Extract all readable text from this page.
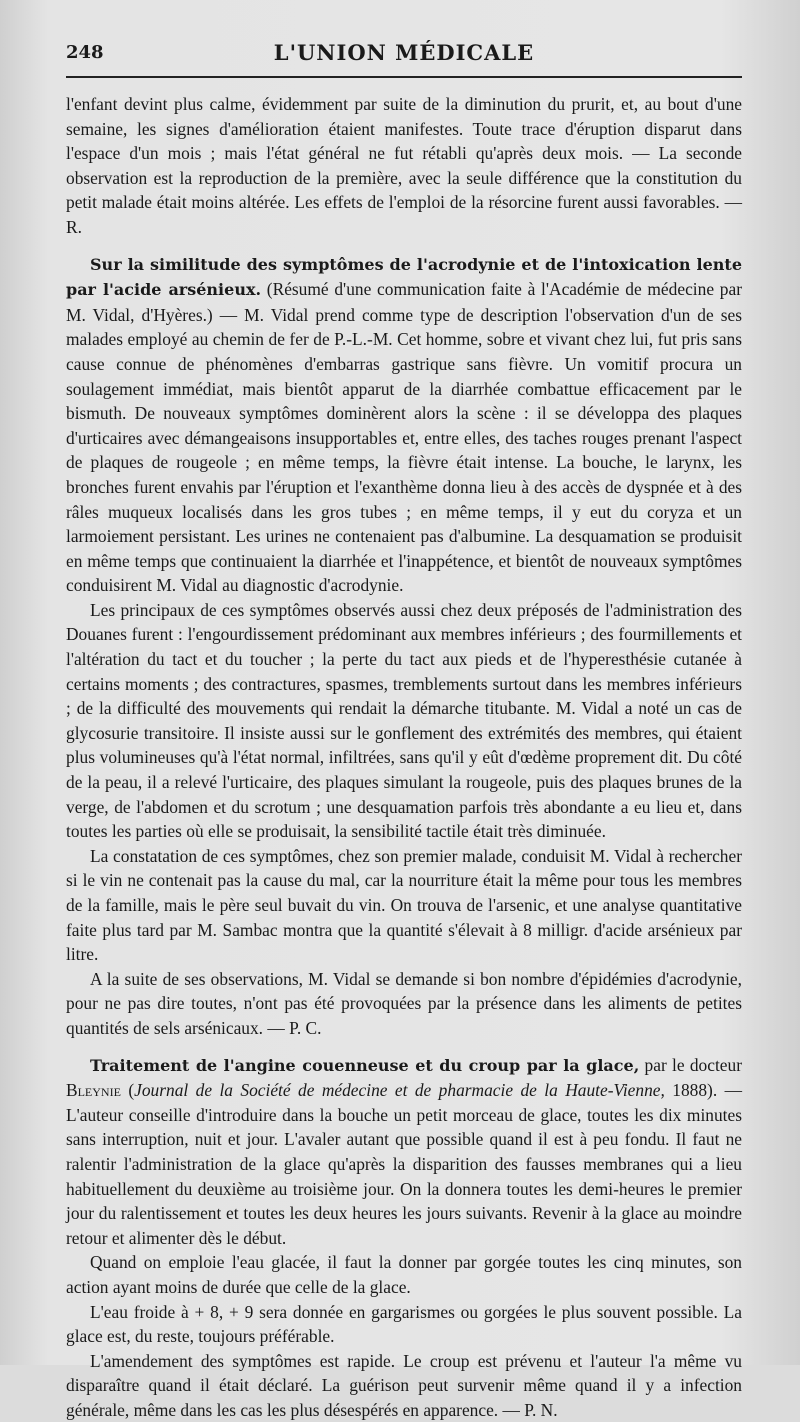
248	L'UNION MÉDICALE

l'enfant devint plus calme, évidemment par suite de la diminution du prurit, et, au bout d'une semaine, les signes d'amélioration étaient manifestes. Toute trace d'éruption disparut dans l'espace d'un mois ; mais l'état général ne fut rétabli qu'après deux mois. — La seconde observation est la reproduction de la première, avec la seule différence que la constitution du petit malade était moins altérée. Les effets de l'emploi de la résorcine furent aussi favorables. — R.

Sur la similitude des symptômes de l'acrodynie et de l'intoxication lente par l'acide arsénieux. (Résumé d'une communication faite à l'Académie de médecine par M. Vidal, d'Hyères.) — M. Vidal prend comme type de description l'observation d'un de ses malades employé au chemin de fer de P.-L.-M. Cet homme, sobre et vivant chez lui, fut pris sans cause connue de phénomènes d'embarras gastrique sans fièvre. Un vomitif procura un soulagement immédiat, mais bientôt apparut de la diarrhée combattue efficacement par le bismuth. De nouveaux symptômes dominèrent alors la scène : il se développa des plaques d'urticaires avec démangeaisons insupportables et, entre elles, des taches rouges prenant l'aspect de plaques de rougeole ; en même temps, la fièvre était intense. La bouche, le larynx, les bronches furent envahis par l'éruption et l'exanthème donna lieu à des accès de dyspnée et à des râles muqueux localisés dans les gros tubes ; en même temps, il y eut du coryza et un larmoiement persistant. Les urines ne contenaient pas d'albumine. La desquamation se produisit en même temps que continuaient la diarrhée et l'inappétence, et bientôt de nouveaux symptômes conduisirent M. Vidal au diagnostic d'acrodynie.

Les principaux de ces symptômes observés aussi chez deux préposés de l'administration des Douanes furent : l'engourdissement prédominant aux membres inférieurs ; des fourmillements et l'altération du tact et du toucher ; la perte du tact aux pieds et de l'hyperesthésie cutanée à certains moments ; des contractures, spasmes, tremblements surtout dans les membres inférieurs ; de la difficulté des mouvements qui rendait la démarche titubante. M. Vidal a noté un cas de glycosurie transitoire. Il insiste aussi sur le gonflement des extrémités des membres, qui étaient plus volumineuses qu'à l'état normal, infiltrées, sans qu'il y eût d'œdème proprement dit. Du côté de la peau, il a relevé l'urticaire, des plaques simulant la rougeole, puis des plaques brunes de la verge, de l'abdomen et du scrotum ; une desquamation parfois très abondante a eu lieu et, dans toutes les parties où elle se produisait, la sensibilité tactile était très diminuée.

La constatation de ces symptômes, chez son premier malade, conduisit M. Vidal à rechercher si le vin ne contenait pas la cause du mal, car la nourriture était la même pour tous les membres de la famille, mais le père seul buvait du vin. On trouva de l'arsenic, et une analyse quantitative faite plus tard par M. Sambac montra que la quantité s'élevait à 8 milligr. d'acide arsénieux par litre.

A la suite de ses observations, M. Vidal se demande si bon nombre d'épidémies d'acrodynie, pour ne pas dire toutes, n'ont pas été provoquées par la présence dans les aliments de petites quantités de sels arsénicaux. — P. C.

Traitement de l'angine couenneuse et du croup par la glace, par le docteur Bleynie (Journal de la Société de médecine et de pharmacie de la Haute-Vienne, 1888). — L'auteur conseille d'introduire dans la bouche un petit morceau de glace, toutes les dix minutes sans interruption, nuit et jour. L'avaler autant que possible quand il est à peu fondu. Il faut ne ralentir l'administration de la glace qu'après la disparition des fausses membranes qui a lieu habituellement du deuxième au troisième jour. On la donnera toutes les demi-heures le premier jour du ralentissement et toutes les deux heures les jours suivants. Revenir à la glace au moindre retour et alimenter dès le début.

Quand on emploie l'eau glacée, il faut la donner par gorgée toutes les cinq minutes, son action ayant moins de durée que celle de la glace.

L'eau froide à + 8, + 9 sera donnée en gargarismes ou gorgées le plus souvent possible. La glace est, du reste, toujours préférable.

L'amendement des symptômes est rapide. Le croup est prévenu et l'auteur l'a même vu disparaître quand il était déclaré. La guérison peut survenir même quand il y a infection générale, même dans les cas les plus désespérés en apparence. — P. N.
